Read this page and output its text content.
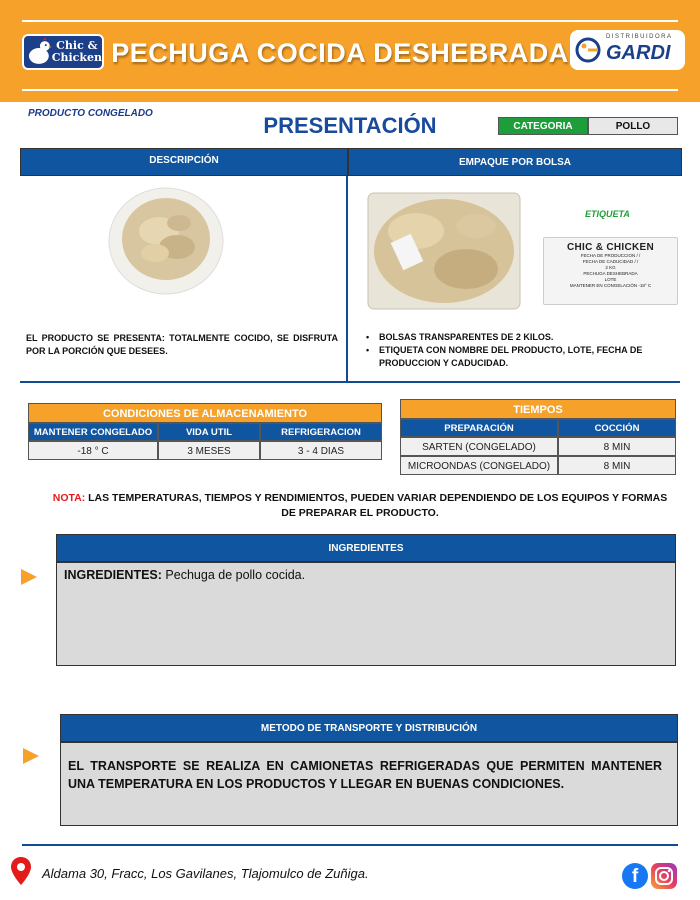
Chic &
Chicken PECHUGA COCIDA DESHEBRADA
DISTRIBUIDORA
GARDI
PRODUCTO CONGELADO	PRESENTACIÓN	CATEGORIA	POLLO
DESCRIPCIÓN	EMPAQUE POR BOLSA
EL PRODUCTO SE PRESENTA: TOTALMENTE COCIDO, SE DISFRUTA POR LA PORCIÓN QUE DESEES.
ETIQUETA
CHIC & CHICKEN
FECHA DE PRODUCCION / /
FECHA DE CADUCIDAD / /
2 KG
PECHUGA DESHEBRADA
LOTE
MANTENER EN CONGELACIÓN -18° C
• BOLSAS TRANSPARENTES DE 2 KILOS.
• ETIQUETA CON NOMBRE DEL PRODUCTO, LOTE, FECHA DE PRODUCCION Y CADUCIDAD.
CONDICIONES DE ALMACENAMIENTO
MANTENER CONGELADO	VIDA UTIL	REFRIGERACION
-18 ° C	3 MESES	3 - 4 DIAS
TIEMPOS
PREPARACIÓN	COCCIÓN
SARTEN (CONGELADO)	8 MIN
MICROONDAS (CONGELADO)	8 MIN
NOTA: LAS TEMPERATURAS, TIEMPOS Y RENDIMIENTOS, PUEDEN VARIAR DEPENDIENDO DE LOS EQUIPOS Y FORMAS DE PREPARAR EL PRODUCTO.
INGREDIENTES
INGREDIENTES: Pechuga de pollo cocida.
METODO DE TRANSPORTE Y DISTRIBUCIÓN
EL TRANSPORTE SE REALIZA EN CAMIONETAS REFRIGERADAS QUE PERMITEN MANTENER UNA TEMPERATURA EN LOS PRODUCTOS Y LLEGAR EN BUENAS CONDICIONES.
Aldama 30, Fracc, Los Gavilanes, Tlajomulco de Zuñiga.	f
